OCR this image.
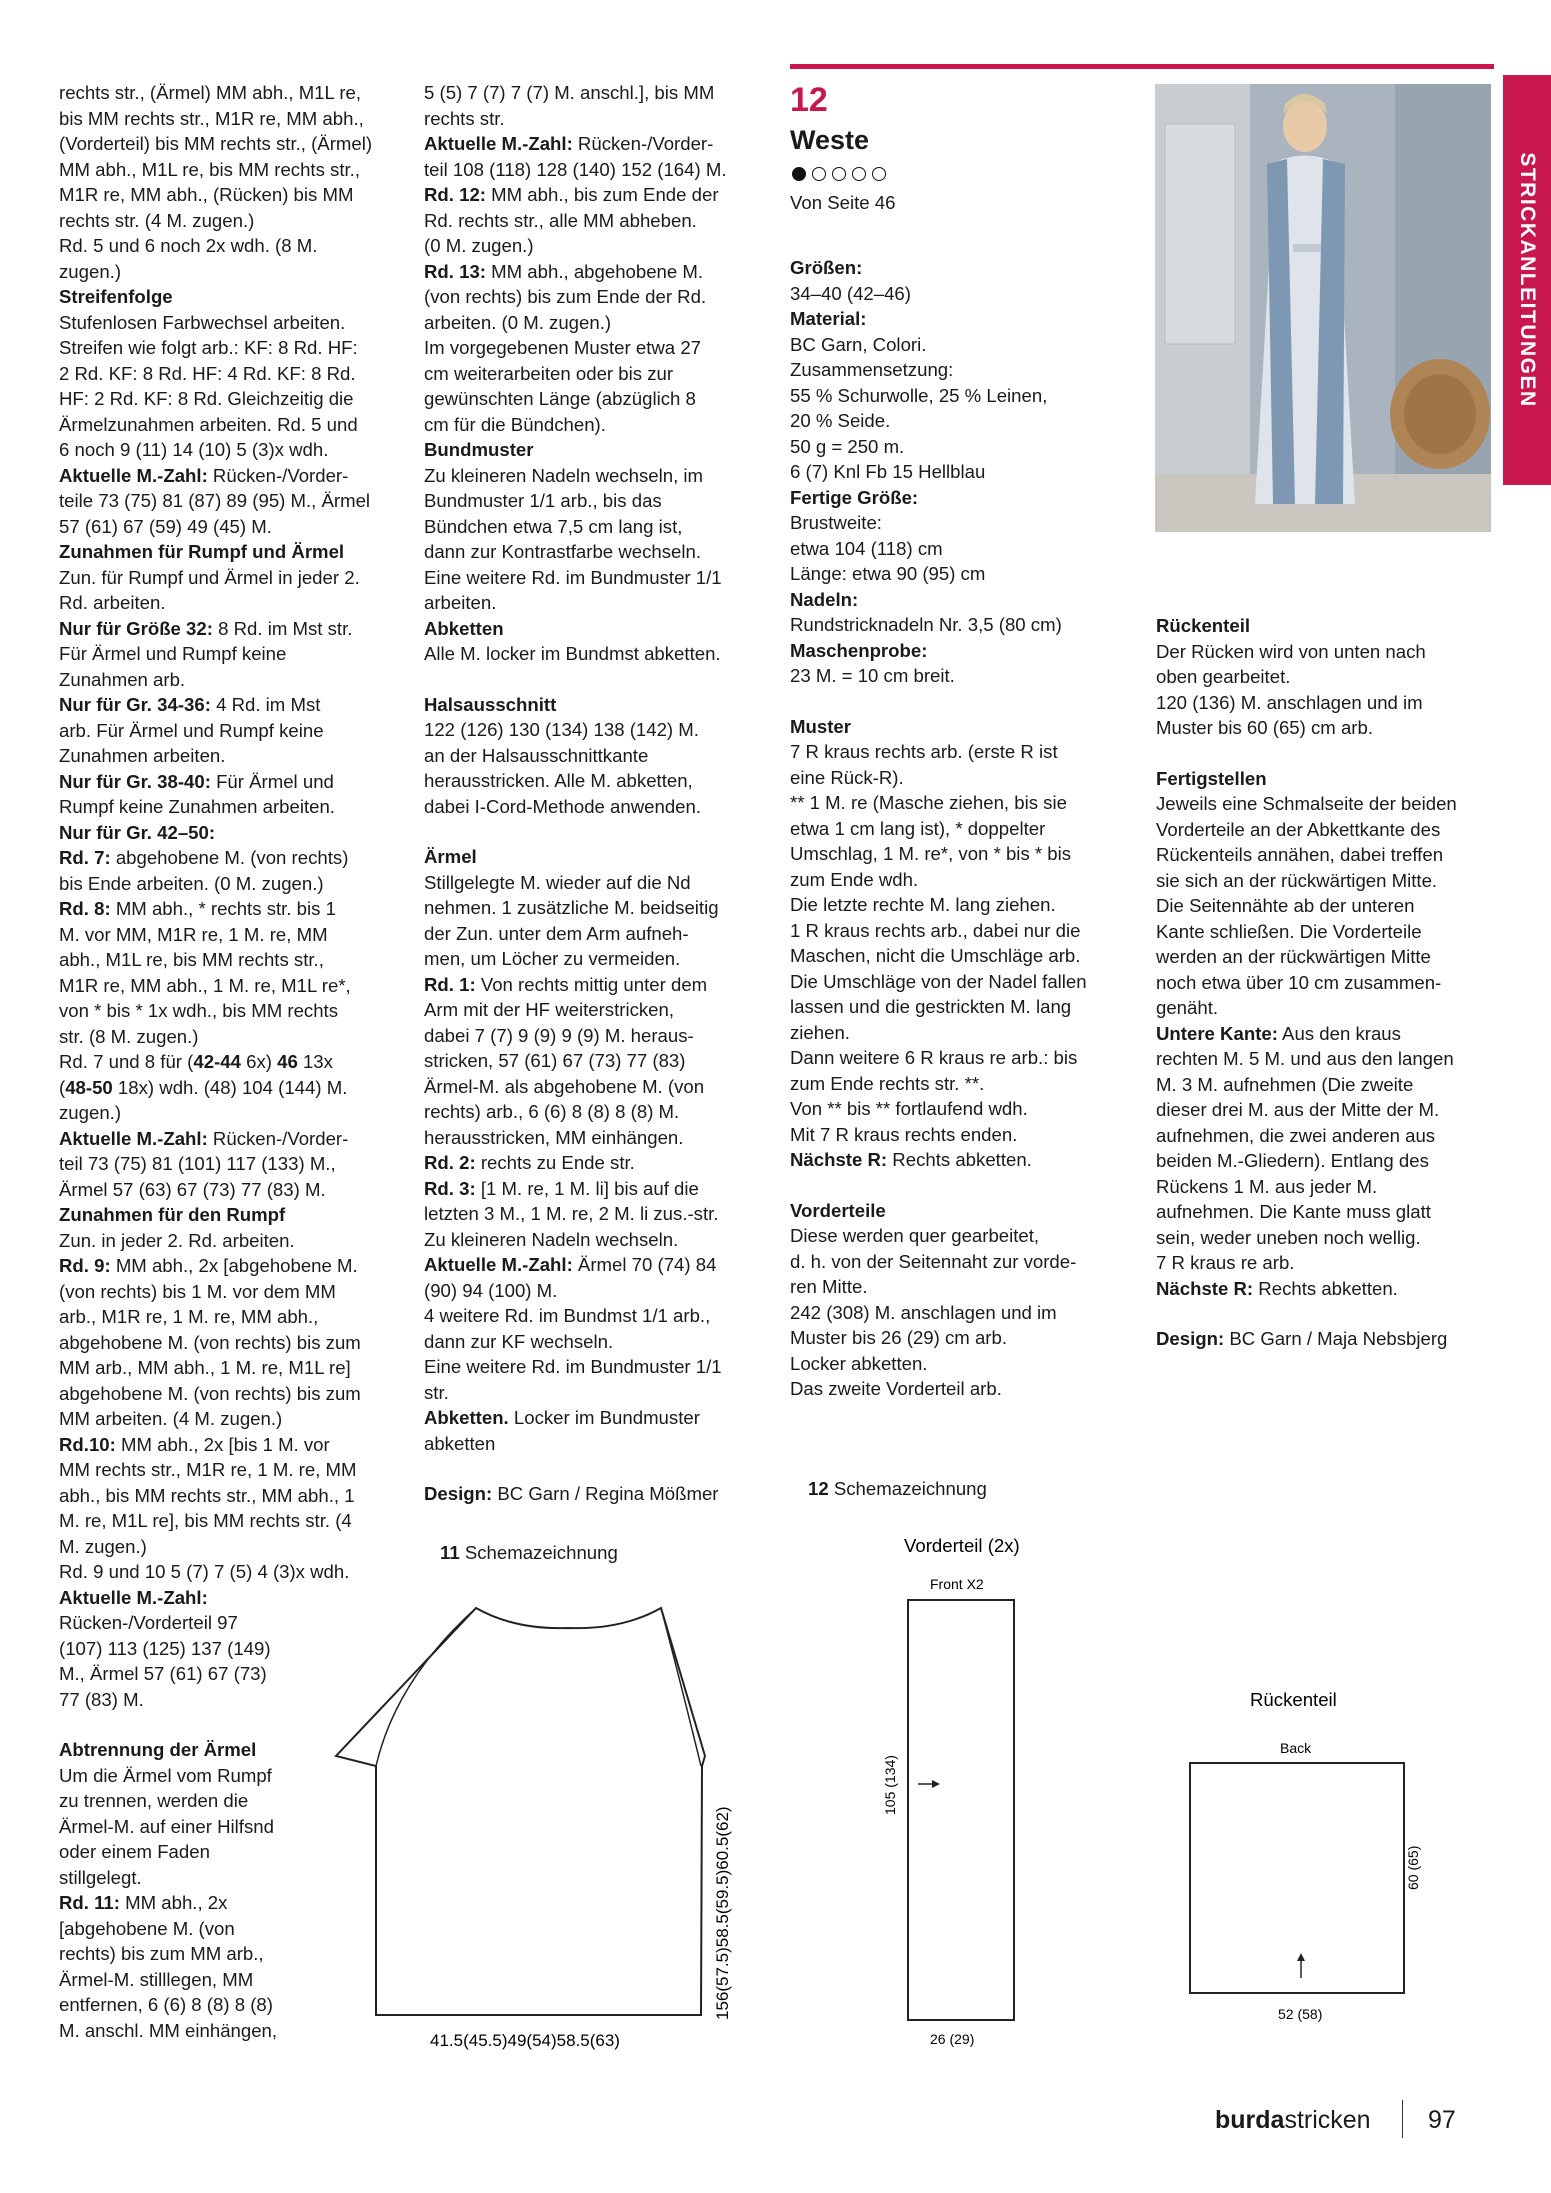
STRICKANLEITUNGEN

rechts str., (Ärmel) MM abh., M1L re,

bis MM rechts str., M1R re, MM abh.,

(Vorderteil) bis MM rechts str., (Ärmel)

MM abh., M1L re, bis MM rechts str.,

M1R re, MM abh., (Rücken) bis MM

rechts str. (4 M. zugen.)

Rd. 5 und 6 noch 2x wdh. (8 M.

zugen.)

Streifenfolge

Stufenlosen Farbwechsel arbeiten.

Streifen wie folgt arb.: KF: 8 Rd. HF:

2 Rd. KF: 8 Rd. HF: 4 Rd. KF: 8 Rd.

HF: 2 Rd. KF: 8 Rd. Gleichzeitig die

Ärmelzunahmen arbeiten. Rd. 5 und

6 noch 9 (11) 14 (10) 5 (3)x wdh.

Aktuelle M.-Zahl: Rücken-/Vorder-

teile 73 (75) 81 (87) 89 (95) M., Ärmel

57 (61) 67 (59) 49 (45) M.

Zunahmen für Rumpf und Ärmel

Zun. für Rumpf und Ärmel in jeder 2.

Rd. arbeiten.

Nur für Größe 32: 8 Rd. im Mst str.

Für Ärmel und Rumpf keine

Zunahmen arb.

Nur für Gr. 34-36: 4 Rd. im Mst

arb. Für Ärmel und Rumpf keine

Zunahmen arbeiten.

Nur für Gr. 38-40: Für Ärmel und

Rumpf keine Zunahmen arbeiten.

Nur für Gr. 42–50:

Rd. 7: abgehobene M. (von rechts)

bis Ende arbeiten. (0 M. zugen.)

Rd. 8: MM abh., * rechts str. bis 1

M. vor MM, M1R re, 1 M. re, MM

abh., M1L re, bis MM rechts str.,

M1R re, MM abh., 1 M. re, M1L re*,

von * bis * 1x wdh., bis MM rechts

str. (8 M. zugen.)

Rd. 7 und 8 für (42-44 6x) 46 13x

(48-50 18x) wdh. (48) 104 (144) M.

zugen.)

Aktuelle M.-Zahl: Rücken-/Vorder-

teil 73 (75) 81 (101) 117 (133) M.,

Ärmel 57 (63) 67 (73) 77 (83) M.

Zunahmen für den Rumpf

Zun. in jeder 2. Rd. arbeiten.

Rd. 9: MM abh., 2x [abgehobene M.

(von rechts) bis 1 M. vor dem MM

arb., M1R re, 1 M. re, MM abh.,

abgehobene M. (von rechts) bis zum

MM arb., MM abh., 1 M. re, M1L re]

abgehobene M. (von rechts) bis zum

MM arbeiten. (4 M. zugen.)

Rd.10: MM abh., 2x [bis 1 M. vor

MM rechts str., M1R re, 1 M. re, MM

abh., bis MM rechts str., MM abh., 1

M. re, M1L re], bis MM rechts str. (4

M. zugen.)

Rd. 9 und 10 5 (7) 7 (5) 4 (3)x wdh.

Aktuelle M.-Zahl:

Rücken-/Vorderteil 97

(107) 113 (125) 137 (149)

M., Ärmel 57 (61) 67 (73)

77 (83) M.

Abtrennung der Ärmel

Um die Ärmel vom Rumpf

zu trennen, werden die

Ärmel-M. auf einer Hilfsnd

oder einem Faden

stillgelegt.

Rd. 11: MM abh., 2x

[abgehobene M. (von

rechts) bis zum MM arb.,

Ärmel-M. stilllegen, MM

entfernen, 6 (6) 8 (8) 8 (8)

M. anschl. MM einhängen,

5 (5) 7 (7) 7 (7) M. anschl.], bis MM

rechts str.

Aktuelle M.-Zahl: Rücken-/Vorder-

teil 108 (118) 128 (140) 152 (164) M.

Rd. 12: MM abh., bis zum Ende der

Rd. rechts str., alle MM abheben.

(0 M. zugen.)

Rd. 13: MM abh., abgehobene M.

(von rechts) bis zum Ende der Rd.

arbeiten. (0 M. zugen.)

Im vorgegebenen Muster etwa 27

cm weiterarbeiten oder bis zur

gewünschten Länge (abzüglich 8

cm für die Bündchen).

Bundmuster

Zu kleineren Nadeln wechseln, im

Bundmuster 1/1 arb., bis das

Bündchen etwa 7,5 cm lang ist,

dann zur Kontrastfarbe wechseln.

Eine weitere Rd. im Bundmuster 1/1

arbeiten.

Abketten

Alle M. locker im Bundmst abketten.

Halsausschnitt

122 (126) 130 (134) 138 (142) M.

an der Halsausschnittkante

herausstricken. Alle M. abketten,

dabei I-Cord-Methode anwenden.

Ärmel

Stillgelegte M. wieder auf die Nd

nehmen. 1 zusätzliche M. beidseitig

der Zun. unter dem Arm aufneh-

men, um Löcher zu vermeiden.

Rd. 1: Von rechts mittig unter dem

Arm mit der HF weiterstricken,

dabei 7 (7) 9 (9) 9 (9) M. heraus-

stricken, 57 (61) 67 (73) 77 (83)

Ärmel-M. als abgehobene M. (von

rechts) arb., 6 (6) 8 (8) 8 (8) M.

herausstricken, MM einhängen.

Rd. 2: rechts zu Ende str.

Rd. 3: [1 M. re, 1 M. li] bis auf die

letzten 3 M., 1 M. re, 2 M. li zus.-str.

Zu kleineren Nadeln wechseln.

Aktuelle M.-Zahl: Ärmel 70 (74) 84

(90) 94 (100) M.

4 weitere Rd. im Bundmst 1/1 arb.,

dann zur KF wechseln.

Eine weitere Rd. im Bundmuster 1/1

str.

Abketten. Locker im Bundmuster

abketten

Design: BC Garn / Regina Mößmer

12
Weste
Von Seite 46

Größen:

34–40 (42–46)

Material:

BC Garn, Colori.

Zusammensetzung:

55 % Schurwolle, 25 % Leinen,

20 % Seide.

50 g = 250 m.

6 (7) Knl Fb 15 Hellblau

Fertige Größe:

Brustweite:

etwa 104 (118) cm

Länge: etwa 90 (95) cm

Nadeln:

Rundstricknadeln Nr. 3,5 (80 cm)

Maschenprobe:

23 M. = 10 cm breit.

Muster

7 R kraus rechts arb. (erste R ist

eine Rück-R).

** 1 M. re (Masche ziehen, bis sie

etwa 1 cm lang ist), * doppelter

Umschlag, 1 M. re*, von * bis * bis

zum Ende wdh.

Die letzte rechte M. lang ziehen.

1 R kraus rechts arb., dabei nur die

Maschen, nicht die Umschläge arb.

Die Umschläge von der Nadel fallen

lassen und die gestrickten M. lang

ziehen.

Dann weitere 6 R kraus re arb.: bis

zum Ende rechts str. **.

Von ** bis ** fortlaufend wdh.

Mit 7 R kraus rechts enden.

Nächste R: Rechts abketten.

Vorderteile

Diese werden quer gearbeitet,

d. h. von der Seitennaht zur vorde-

ren Mitte.

242 (308) M. anschlagen und im

Muster bis 26 (29) cm arb.

Locker abketten.

Das zweite Vorderteil arb.

Rückenteil

Der Rücken wird von unten nach

oben gearbeitet.

120 (136) M. anschlagen und im

Muster bis 60 (65) cm arb.

Fertigstellen

Jeweils eine Schmalseite der beiden

Vorderteile an der Abkettkante des

Rückenteils annähen, dabei treffen

sie sich an der rückwärtigen Mitte.

Die Seitennähte ab der unteren

Kante schließen. Die Vorderteile

werden an der rückwärtigen Mitte

noch etwa über 10 cm zusammen-

genäht.

Untere Kante: Aus den kraus

rechten M. 5 M. und aus den langen

M. 3 M. aufnehmen (Die zweite

dieser drei M. aus der Mitte der M.

aufnehmen, die zwei anderen aus

beiden M.-Gliedern). Entlang des

Rückens 1 M. aus jeder M.

aufnehmen. Die Kante muss glatt

sein, weder uneben noch wellig.

7 R kraus re arb.

Nächste R: Rechts abketten.

Design: BC Garn / Maja Nebsbjerg

11 Schemazeichnung
41.5(45.5)49(54)58.5(63)
156(57.5)58.5(59.5)60.5(62)
12 Schemazeichnung
Vorderteil (2x)
Front X2
105 (134)
26 (29)
Rückenteil
Back
60 (65)
52 (58)
burdastricken 97
